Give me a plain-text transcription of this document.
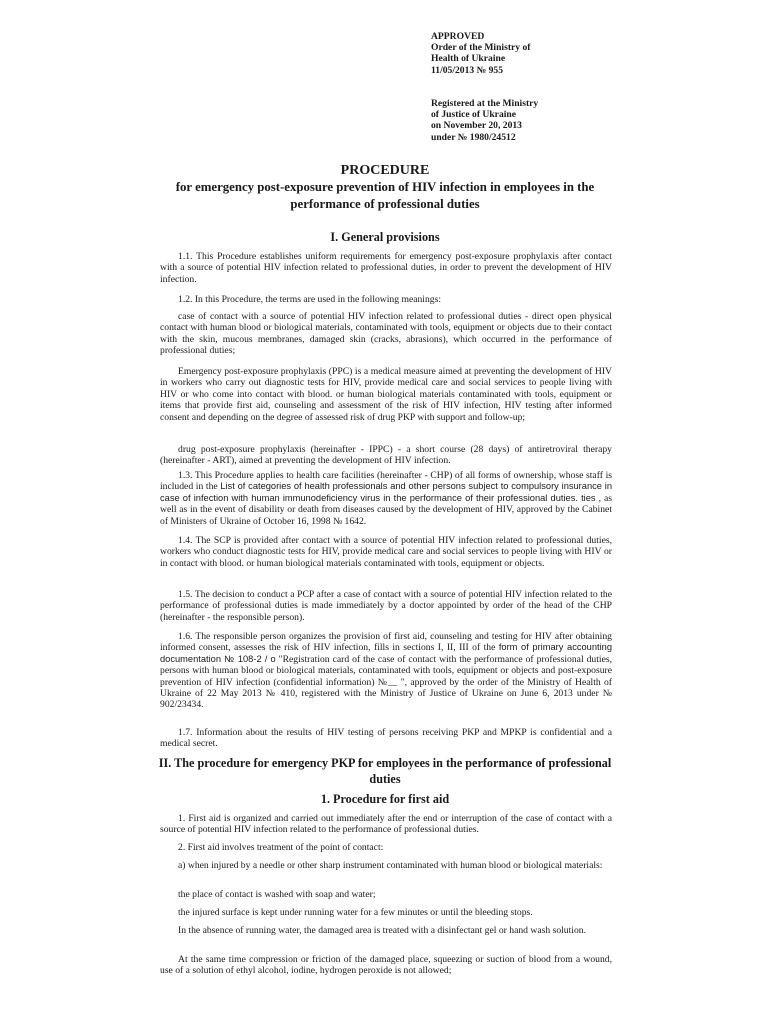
APPROVED
Order of the Ministry of
Health of Ukraine
11/05/2013 № 955
Registered at the Ministry
of Justice of Ukraine
on November 20, 2013
under № 1980/24512
PROCEDURE
for emergency post-exposure prevention of HIV infection in employees in the performance of professional duties
I. General provisions
1.1. This Procedure establishes uniform requirements for emergency post-exposure prophylaxis after contact with a source of potential HIV infection related to professional duties, in order to prevent the development of HIV infection.
1.2. In this Procedure, the terms are used in the following meanings:
case of contact with a source of potential HIV infection related to professional duties - direct open physical contact with human blood or biological materials, contaminated with tools, equipment or objects due to their contact with the skin, mucous membranes, damaged skin (cracks, abrasions), which occurred in the performance of professional duties;
Emergency post-exposure prophylaxis (PPC) is a medical measure aimed at preventing the development of HIV in workers who carry out diagnostic tests for HIV, provide medical care and social services to people living with HIV or who come into contact with blood. or human biological materials contaminated with tools, equipment or items that provide first aid, counseling and assessment of the risk of HIV infection, HIV testing after informed consent and depending on the degree of assessed risk of drug PKP with support and follow-up;
drug post-exposure prophylaxis (hereinafter - IPPC) - a short course (28 days) of antiretroviral therapy (hereinafter - ART), aimed at preventing the development of HIV infection.
1.3. This Procedure applies to health care facilities (hereinafter - CHP) of all forms of ownership, whose staff is included in the List of categories of health professionals and other persons subject to compulsory insurance in case of infection with human immunodeficiency virus in the performance of their professional duties. ties , as well as in the event of disability or death from diseases caused by the development of HIV, approved by the Cabinet of Ministers of Ukraine of October 16, 1998 № 1642.
1.4. The SCP is provided after contact with a source of potential HIV infection related to professional duties, workers who conduct diagnostic tests for HIV, provide medical care and social services to people living with HIV or in contact with blood. or human biological materials contaminated with tools, equipment or objects.
1.5. The decision to conduct a PCP after a case of contact with a source of potential HIV infection related to the performance of professional duties is made immediately by a doctor appointed by order of the head of the CHP (hereinafter - the responsible person).
1.6. The responsible person organizes the provision of first aid, counseling and testing for HIV after obtaining informed consent, assesses the risk of HIV infection, fills in sections I, II, III of the form of primary accounting documentation № 108-2 / o "Registration card of the case of contact with the performance of professional duties, persons with human blood or biological materials, contaminated with tools, equipment or objects and post-exposure prevention of HIV infection (confidential information) №__ ", approved by the order of the Ministry of Health of Ukraine of 22 May 2013 № 410, registered with the Ministry of Justice of Ukraine on June 6, 2013 under № 902/23434.
1.7. Information about the results of HIV testing of persons receiving PKP and MPKP is confidential and a medical secret.
II. The procedure for emergency PKP for employees in the performance of professional duties
1. Procedure for first aid
1. First aid is organized and carried out immediately after the end or interruption of the case of contact with a source of potential HIV infection related to the performance of professional duties.
2. First aid involves treatment of the point of contact:
a) when injured by a needle or other sharp instrument contaminated with human blood or biological materials:
the place of contact is washed with soap and water;
the injured surface is kept under running water for a few minutes or until the bleeding stops.
In the absence of running water, the damaged area is treated with a disinfectant gel or hand wash solution.
At the same time compression or friction of the damaged place, squeezing or suction of blood from a wound, use of a solution of ethyl alcohol, iodine, hydrogen peroxide is not allowed;
